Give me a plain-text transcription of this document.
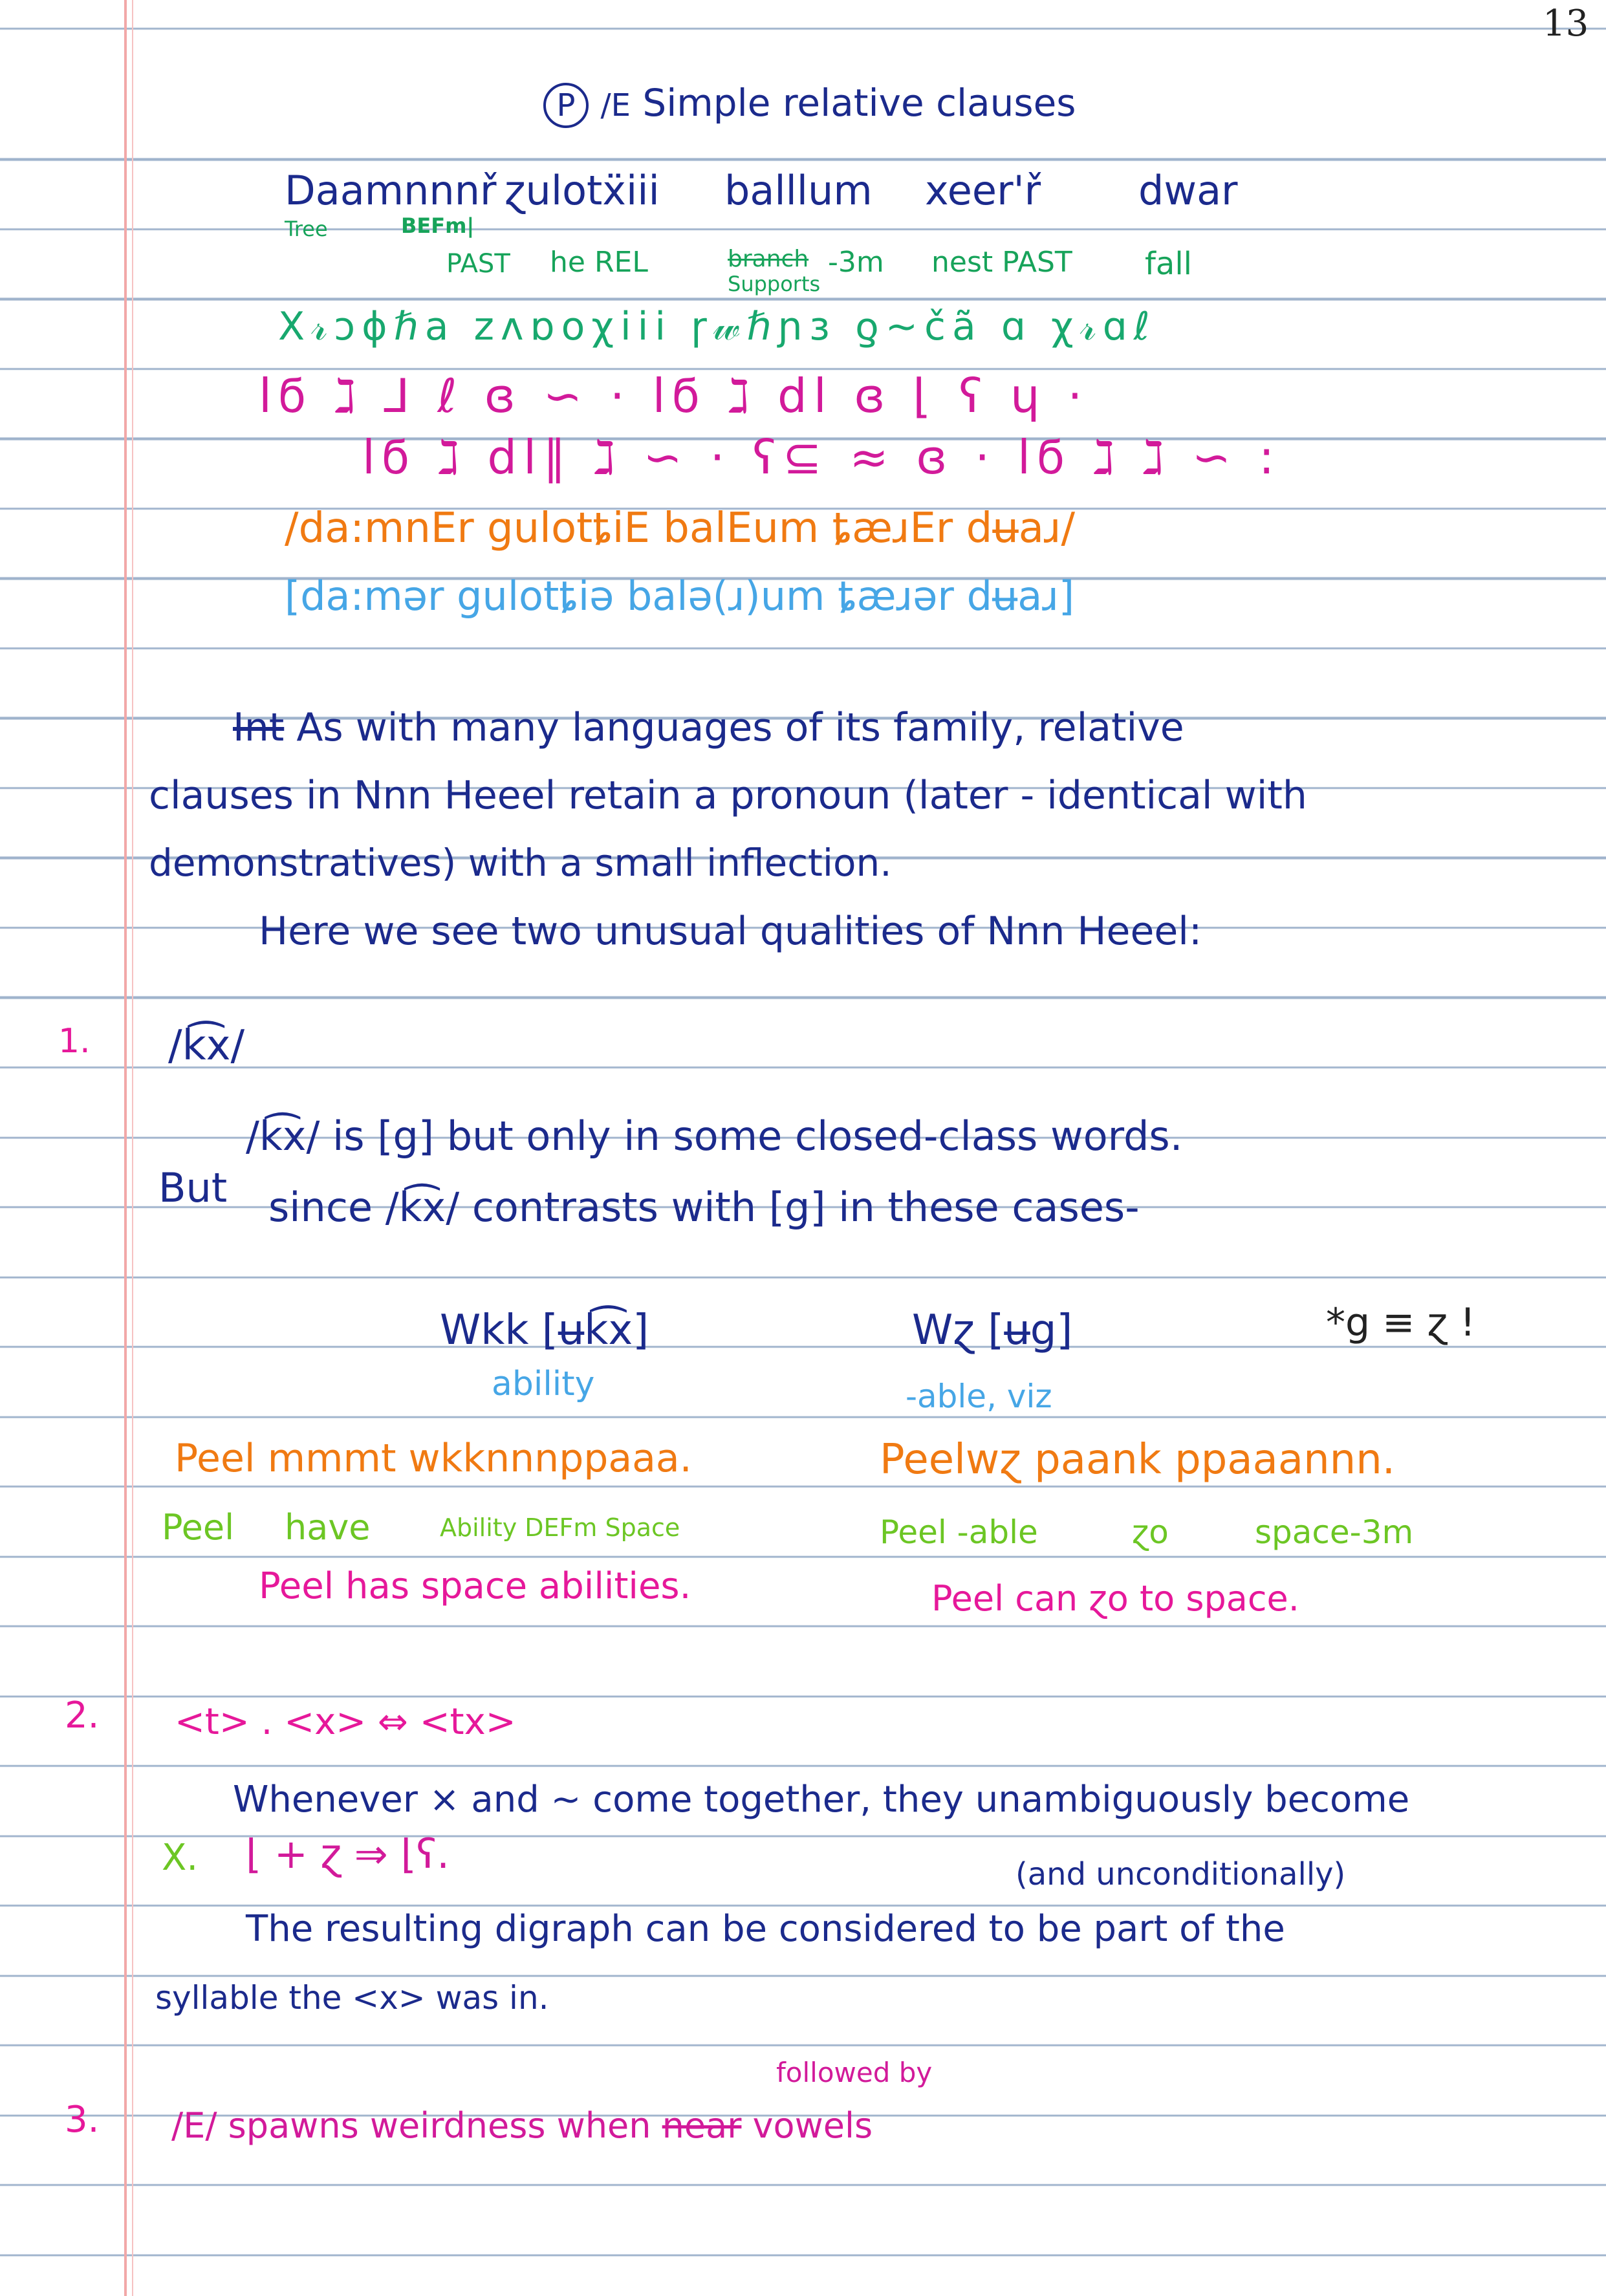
13
P /E Simple relative clauses
Daamnnnř ɀulotẍiii balllum xeer'ř dwar
Tree	BEFm|
PAST he REL	branch
Supports
-3m nest PAST fall
Χ𝓇ↄϕℏa zᴧɒοχiii ɼ𝓌ℏɲɜ ƍ∼čã ɑ χ𝓇ɑℓ
ⅼϭ ℷ ⅃ ℓ ɞ ∽ · ⅼϭ ℷ dl ɞ ⌊ ʕ ɥ ·
ⅼϭ ℷ dl∥ ℷ ∽ · ʕ⊆ ≈ ɞ · ⅼϭ ℷ ℷ ∽ :
/da:mnEr gulotȶiE balEum ȶæɹEr dʉaɹ/
[da:mər gulotȶiə balə(ɹ)um ȶæɹər dʉaɹ]
Int As with many languages of its family, relative
clauses in Nnn Heeel retain a pronoun (later - identical with
demonstratives) with a small inflection.
Here we see two unusual qualities of Nnn Heeel:
1. /k͡x/
/k͡x/ is [g] but only in some closed-class words.
But since /k͡x/ contrasts with [g] in these cases-
Wkk [ʉk͡x]
ability
Wɀ [ʉg]
-able, viz
*g ≡ ɀ !
Peel mmmt wkknnnppaaa.
Peel have	Ability DEFm Space
Peel has space abilities.
Peelwɀ paank ppaaannn.
Peel -able	ɀo	space-3m
Peel can ɀo to space.
2. <t> . <x> ⇔ <tx>
Whenever × and ∼ come together, they unambiguously become
X. ⌊ + ɀ ⇒ ⌊ʕ.	(and unconditionally)
The resulting digraph can be considered to be part of the
syllable the <x> was in.
3.
followed by
/E/ spawns weirdness when near vowels
